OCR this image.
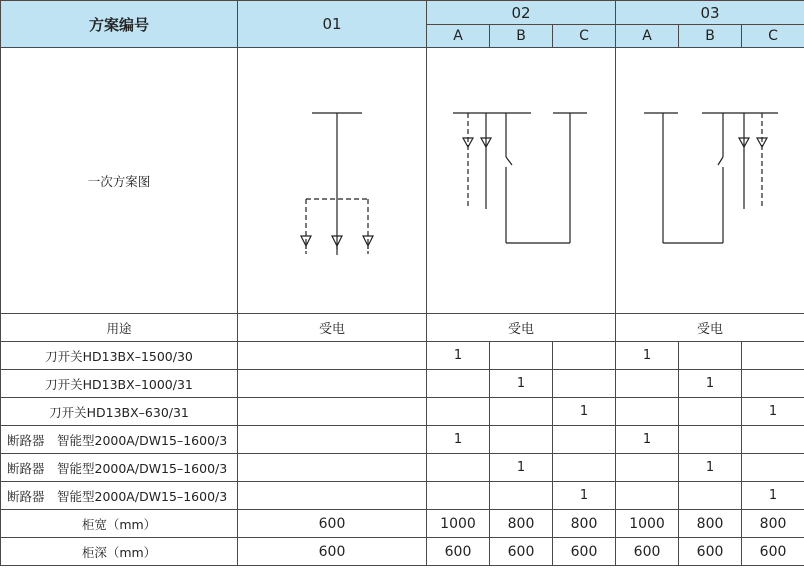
方案编号	01	02			03		
		A	B	C	A	B	C
一次方案图	

用途	受电	受电			受电		
刀开关HD13BX–1500/30		1			1		
刀开关HD13BX–1000/31			1			1	
刀开关HD13BX–630/31				1			1
断路器　智能型2000A/DW15–1600/3		1			1		
断路器　智能型2000A/DW15–1600/3			1			1	
断路器　智能型2000A/DW15–1600/3				1			1
柜宽（mm）	600	1000	800	800	1000	800	800
柜深（mm）	600	600	600	600	600	600	600
